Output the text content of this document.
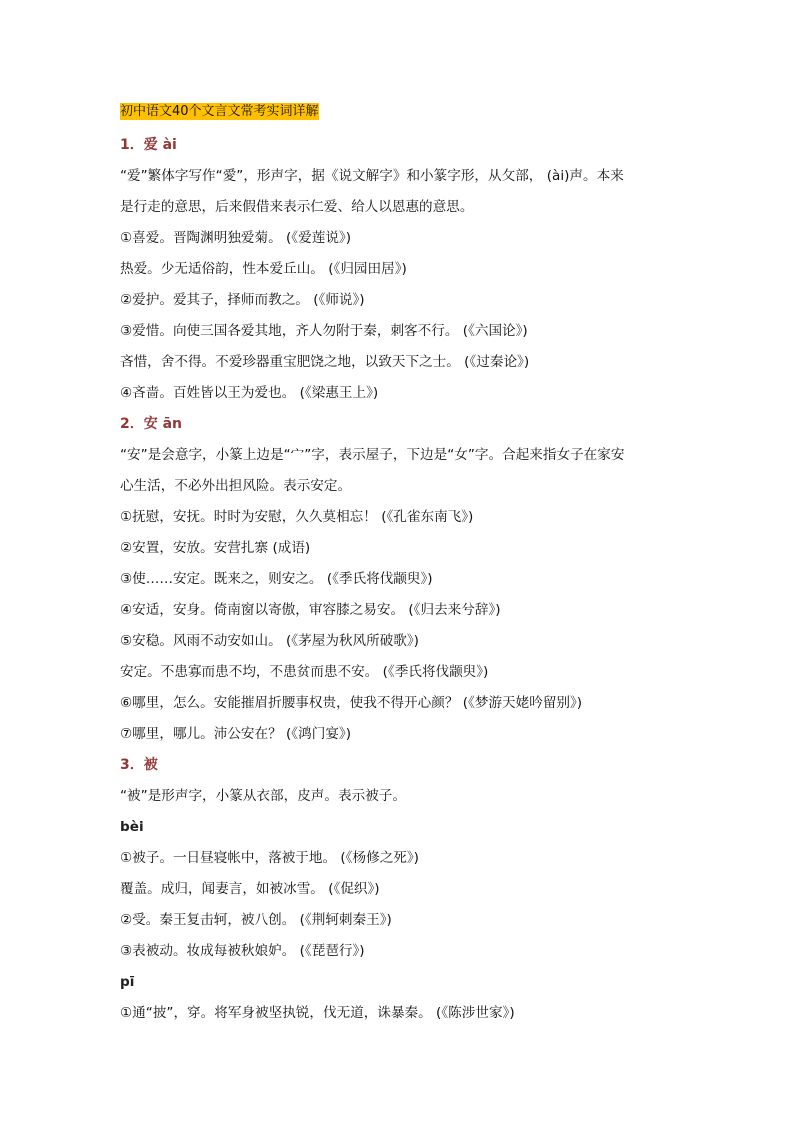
初中语文40个文言文常考实词详解
1．爱 ài
“爱”繁体字写作“愛”，形声字，据《说文解字》和小篆字形，从攵部， (ài)声。本来
是行走的意思，后来假借来表示仁爱、给人以恩惠的意思。
①喜爱。晋陶渊明独爱菊。 (《爱莲说》)
热爱。少无适俗韵，性本爱丘山。 (《归园田居》)
②爱护。爱其子，择师而教之。 (《师说》)
③爱惜。向使三国各爱其地，齐人勿附于秦，刺客不行。 (《六国论》)
吝惜，舍不得。不爱珍器重宝肥饶之地，以致天下之士。 (《过秦论》)
④吝啬。百姓皆以王为爱也。 (《梁惠王上》)
2．安 ān
“安”是会意字，小篆上边是“宀”字，表示屋子，下边是“女”字。合起来指女子在家安
心生活，不必外出担风险。表示安定。
①抚慰，安抚。时时为安慰，久久莫相忘！ (《孔雀东南飞》)
②安置，安放。安营扎寨 (成语)
③使……安定。既来之，则安之。 (《季氏将伐颛臾》)
④安适，安身。倚南窗以寄傲，审容膝之易安。 (《归去来兮辞》)
⑤安稳。风雨不动安如山。 (《茅屋为秋风所破歌》)
安定。不患寡而患不均，不患贫而患不安。 (《季氏将伐颛臾》)
⑥哪里，怎么。安能摧眉折腰事权贵，使我不得开心颜？ (《梦游天姥吟留别》)
⑦哪里，哪儿。沛公安在？ (《鸿门宴》)
3．被
“被”是形声字，小篆从衣部，皮声。表示被子。
bèi
①被子。一日昼寝帐中，落被于地。 (《杨修之死》)
覆盖。成归，闻妻言，如被冰雪。 (《促织》)
②受。秦王复击轲，被八创。 (《荆轲刺秦王》)
③表被动。妆成每被秋娘妒。 (《琵琶行》)
pī
①通“披”，穿。将军身被坚执锐，伐无道，诛暴秦。 (《陈涉世家》)
